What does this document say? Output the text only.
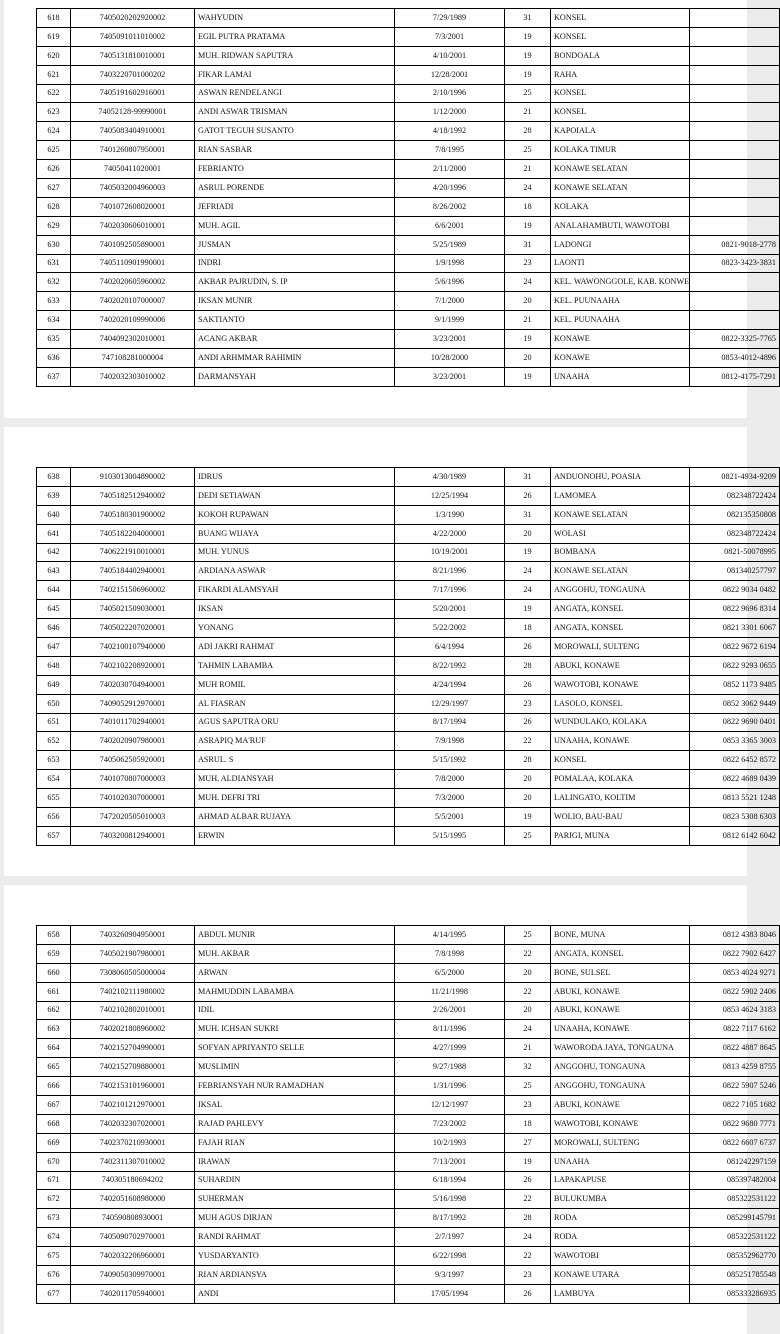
618	7405020202920002	WAHYUDIN	7/29/1989	31	KONSEL	
619	7405091011010002	EGIL PUTRA PRATAMA	7/3/2001	19	KONSEL	
620	7405131810010001	MUH. RIDWAN SAPUTRA	4/10/2001	19	BONDOALA	
621	7403220701000202	FIKAR LAMAI	12/28/2001	19	RAHA	
622	7405191602916001	ASWAN RENDELANGI	2/10/1996	25	KONSEL	
623	74052128-99990001	ANDI ASWAR TRISMAN	1/12/2000	21	KONSEL	
624	7405083404910001	GATOT TEGUH SUSANTO	4/18/1992	28	KAPOIALA	
625	7401260807950001	RIAN SASBAR	7/8/1995	25	KOLAKA TIMUR	
626	74050411020001	FEBRIANTO	2/11/2000	21	KONAWE SELATAN	
627	7405032004960003	ASRUL PORENDE	4/20/1996	24	KONAWE SELATAN	
628	7401072608020001	JEFRIADI	8/26/2002	18	KOLAKA	
629	7402030606010001	MUH. AGIL	6/6/2001	19	ANALAHAMBUTI, WAWOTOBI	
630	7401092505890001	JUSMAN	5/25/1989	31	LADONGI	0821-9018-2778
631	7405110901990001	INDRI	1/9/1998	23	LAONTI	0823-3423-3831
632	7402020605960002	AKBAR PAJRUDIN, S. IP	5/6/1996	24	KEL. WAWONGGOLE, KAB. KONWE	
633	7402020107000007	IKSAN MUNIR	7/1/2000	20	KEL. PUUNAAHA	
634	7402020109990006	SAKTIANTO	9/1/1999	21	KEL. PUUNAAHA	
635	7404092302010001	ACANG AKBAR	3/23/2001	19	KONAWE	0822-3325-7765
636	747108281000004	ANDI ARHMMAR RAHIMIN	10/28/2000	20	KONAWE	0853-4012-4896
637	7402032303010002	DARMANSYAH	3/23/2001	19	UNAAHA	0812-4175-7291
638	9103013004890002	IDRUS	4/30/1989	31	ANDUONOHU, POASIA	0821-4934-9209
639	7405182512940002	DEDI SETIAWAN	12/25/1994	26	LAMOMEA	082348722424
640	7405180301900002	KOKOH RUPAWAN	1/3/1990	31	KONAWE SELATAN	082135350808
641	7405182204000001	BUANG WIJAYA	4/22/2000	20	WOLASI	082348722424
642	7406221910010001	MUH. YUNUS	10/19/2001	19	BOMBANA	0821-50078995
643	7405184402940001	ARDIANA ASWAR	8/21/1996	24	KONAWE SELATAN	081340257797
644	7402151506960002	FIKARDI ALAMSYAH	7/17/1996	24	ANGGOHU, TONGAUNA	0822 9034 0482
645	7405021509030001	IKSAN	5/20/2001	19	ANGATA, KONSEL	0822 9696 8314
646	7405022207020001	YONANG	5/22/2002	18	ANGATA, KONSEL	0821 3301 6067
647	7402100107940000	ADI JAKRI RAHMAT	6/4/1994	26	MOROWALI, SULTENG	0822 9672 6194
648	7402102208920001	TAHMIN LABAMBA	8/22/1992	28	ABUKI, KONAWE	0822 9293 0655
649	7402030704940001	MUH ROMIL	4/24/1994	26	WAWOTOBI, KONAWE	0852 1173 9485
650	7409052912970001	AL FIASRAN	12/29/1997	23	LASOLO, KONSEL	0852 3062 9449
651	7401011702940001	AGUS SAPUTRA ORU	8/17/1994	26	WUNDULAKO, KOLAKA	0822 9690 0401
652	7402020907980001	ASRAPIQ MA'RUF	7/9/1998	22	UNAAHA, KONAWE	0853 3365 3003
653	7405062505920001	ASRUL. S	5/15/1992	28	KONSEL	0822 6452 8572
654	7401070807000003	MUH. ALDIANSYAH	7/8/2000	20	POMALAA, KOLAKA	0822 4689 0439
655	7401020307000001	MUH. DEFRI TRI	7/3/2000	20	LALINGATO, KOLTIM	0813 5521 1248
656	7472020505010003	AHMAD ALBAR RUJAYA	5/5/2001	19	WOLIO, BAU-BAU	0823 5308 6303
657	7403200812940001	ERWIN	5/15/1995	25	PARIGI, MUNA	0812 6142 6042
658	7403260904950001	ABDUL MUNIR	4/14/1995	25	BONE, MUNA	0812 4383 8046
659	7405021907980001	MUH. AKBAR	7/8/1998	22	ANGATA, KONSEL	0822 7902 6427
660	7308060505000004	ARWAN	6/5/2000	20	BONE, SULSEL	0853 4024 9271
661	7402102111980002	MAHMUDDIN LABAMBA	11/21/1998	22	ABUKI, KONAWE	0822 5902 2406
662	7402102802010001	IDIL	2/26/2001	20	ABUKI, KONAWE	0853 4624 3183
663	7402021808960002	MUH. ICHSAN SUKRI	8/11/1996	24	UNAAHA, KONAWE	0822 7117 6162
664	7402152704990001	SOFYAN APRIYANTO SELLE	4/27/1999	21	WAWORODA JAYA, TONGAUNA	0822 4887 8645
665	7402152709880001	MUSLIMIN	9/27/1988	32	ANGGOHU, TONGAUNA	0813 4259 8755
666	7402153101960001	FEBRIANSYAH NUR RAMADHAN	1/31/1996	25	ANGGOHU, TONGAUNA	0822 5907 5246
667	7402101212970001	IKSAL	12/12/1997	23	ABUKI, KONAWE	0822 7105 1682
668	7402032307020001	RAJAD PAHLEVY	7/23/2002	18	WAWOTOBI, KONAWE	0822 9680 7771
669	7402370210930001	FAJAH RIAN	10/2/1993	27	MOROWALI, SULTENG	0822 6607 6737
670	7402311307010002	IRAWAN	7/13/2001	19	UNAAHA	081242297159
671	740305180694202	SUHARDIN	6/18/1994	26	LAPAKAPUSE	085397482004
672	7402051608980000	SUHERMAN	5/16/1998	22	BULUKUMBA	085322531122
673	740590808930001	MUH AGUS DIRJAN	8/17/1992	28	RODA	085299145791
674	7405090702970001	RANDI RAHMAT	2/7/1997	24	RODA	085322531122
675	7402032206960001	YUSDARYANTO	6/22/1998	22	WAWOTOBI	085352962770
676	7409050309970001	RIAN ARDIANSYA	9/3/1997	23	KONAWE UTARA	085251785548
677	7402011705940001	ANDI	17/05/1994	26	LAMBUYA	085333286935
